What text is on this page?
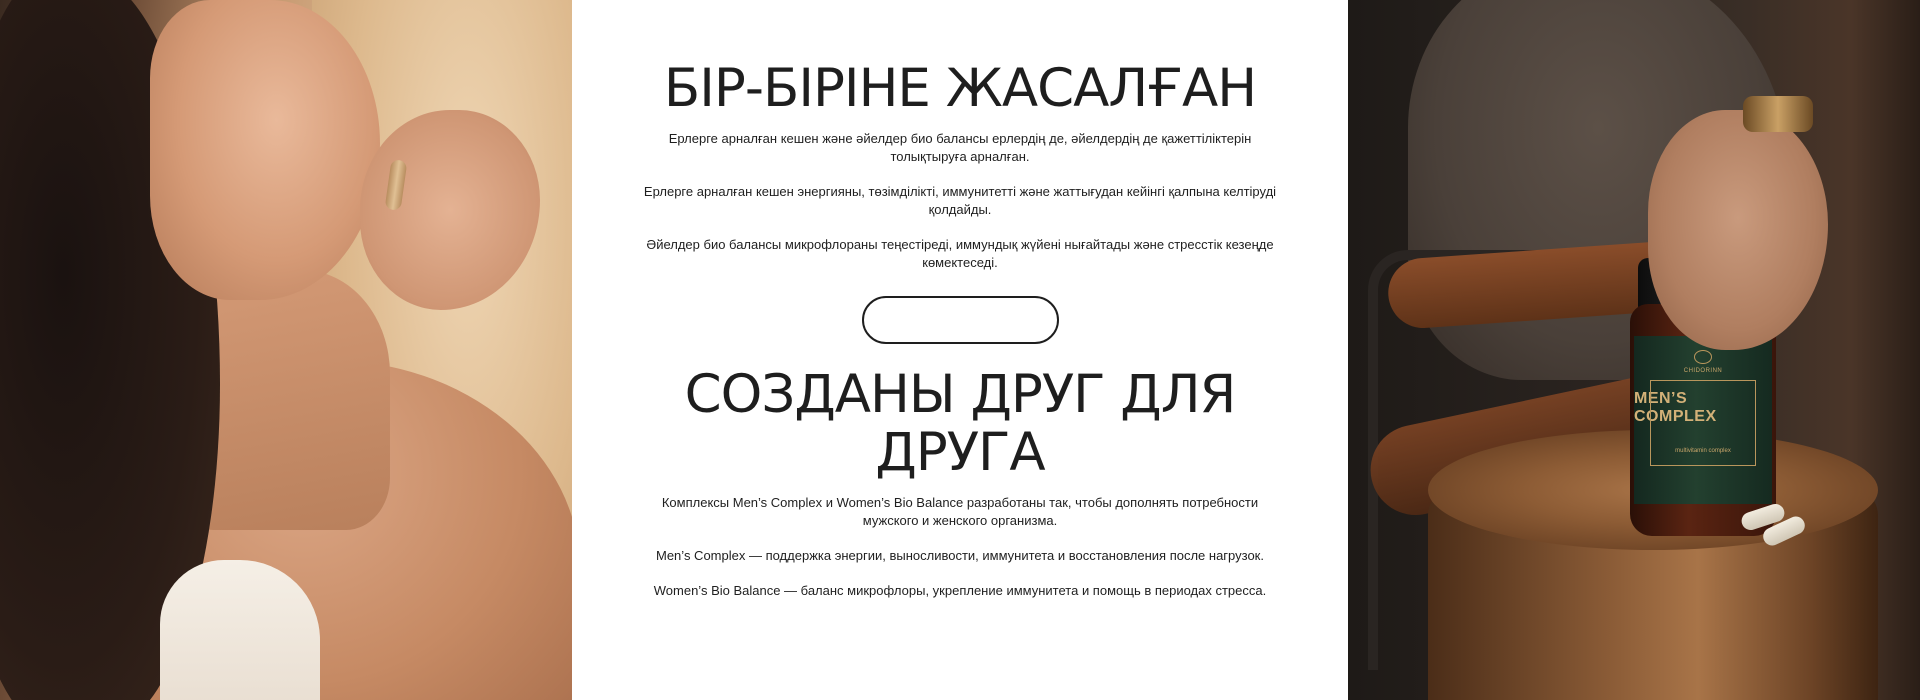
БІР-БІРІНЕ ЖАСАЛҒАН

Ерлерге арналған кешен және әйелдер био балансы ерлердің де, әйелдердің де қажеттіліктерін толықтыруға арналған.

Ерлерге арналған кешен энергияны, төзімділікті, иммунитетті және жаттығудан кейінгі қалпына келтіруді қолдайды.

Әйелдер био балансы микрофлораны теңестіреді, иммундық жүйені нығайтады және стресстік кезеңде көмектеседі.

СОЗДАНЫ ДРУГ ДЛЯ ДРУГА

Комплексы Men’s Complex и Women’s Bio Balance разработаны так, чтобы дополнять потребности мужского и женского организма.

Men’s Complex — поддержка энергии, выносливости, иммунитета и восстановления после нагрузок.

Women’s Bio Balance — баланс микрофлоры, укрепление иммунитета и помощь в периодах стресса.

CHIDORINN
MEN’S COMPLEX
multivitamin complex
